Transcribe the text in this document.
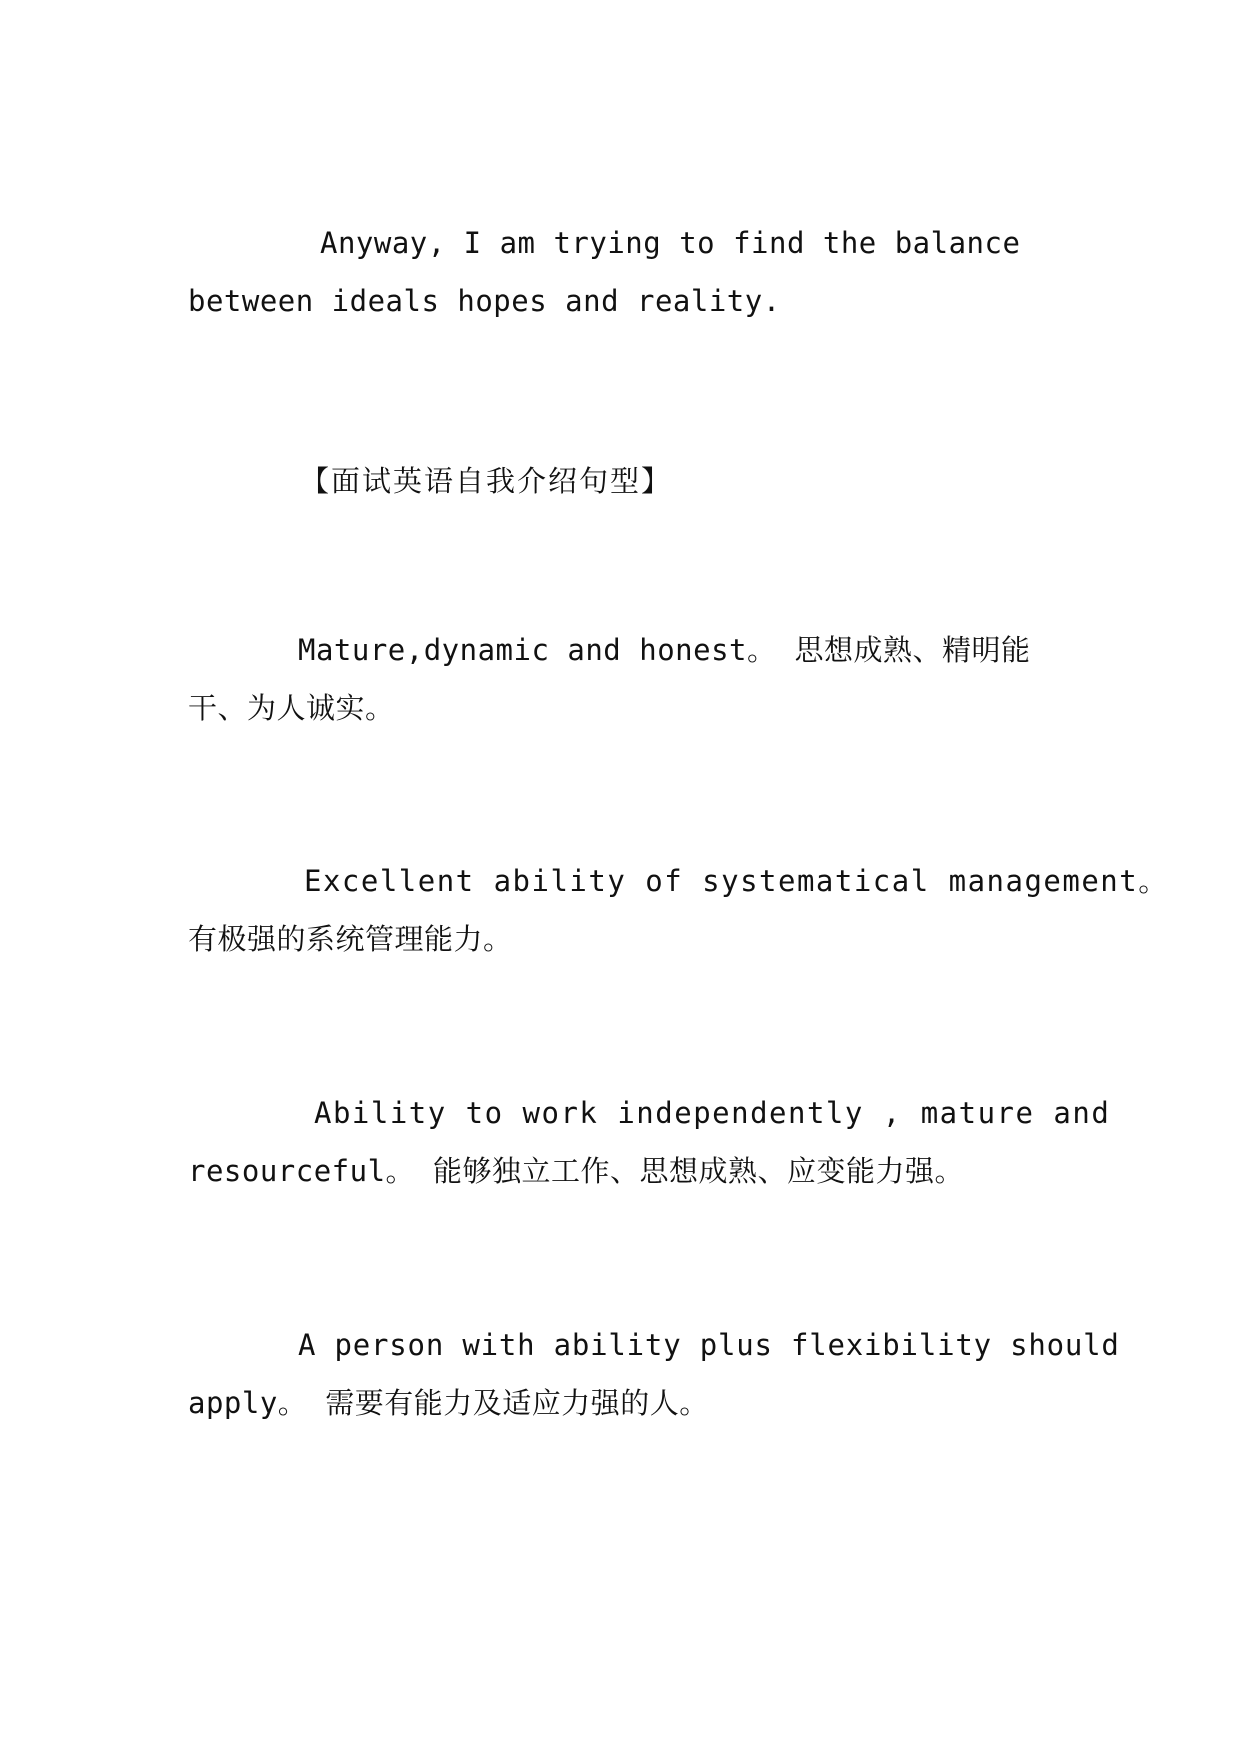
Anyway, I am trying to find the balance
between ideals hopes and reality.
【面试英语自我介绍句型】
Mature,dynamic and honest。 思想成熟、精明能
干、为人诚实。
Excellent ability of systematical management。
有极强的系统管理能力。
Ability to work independently , mature and
resourceful。 能够独立工作、思想成熟、应变能力强。
A person with ability plus flexibility should
apply。 需要有能力及适应力强的人。
